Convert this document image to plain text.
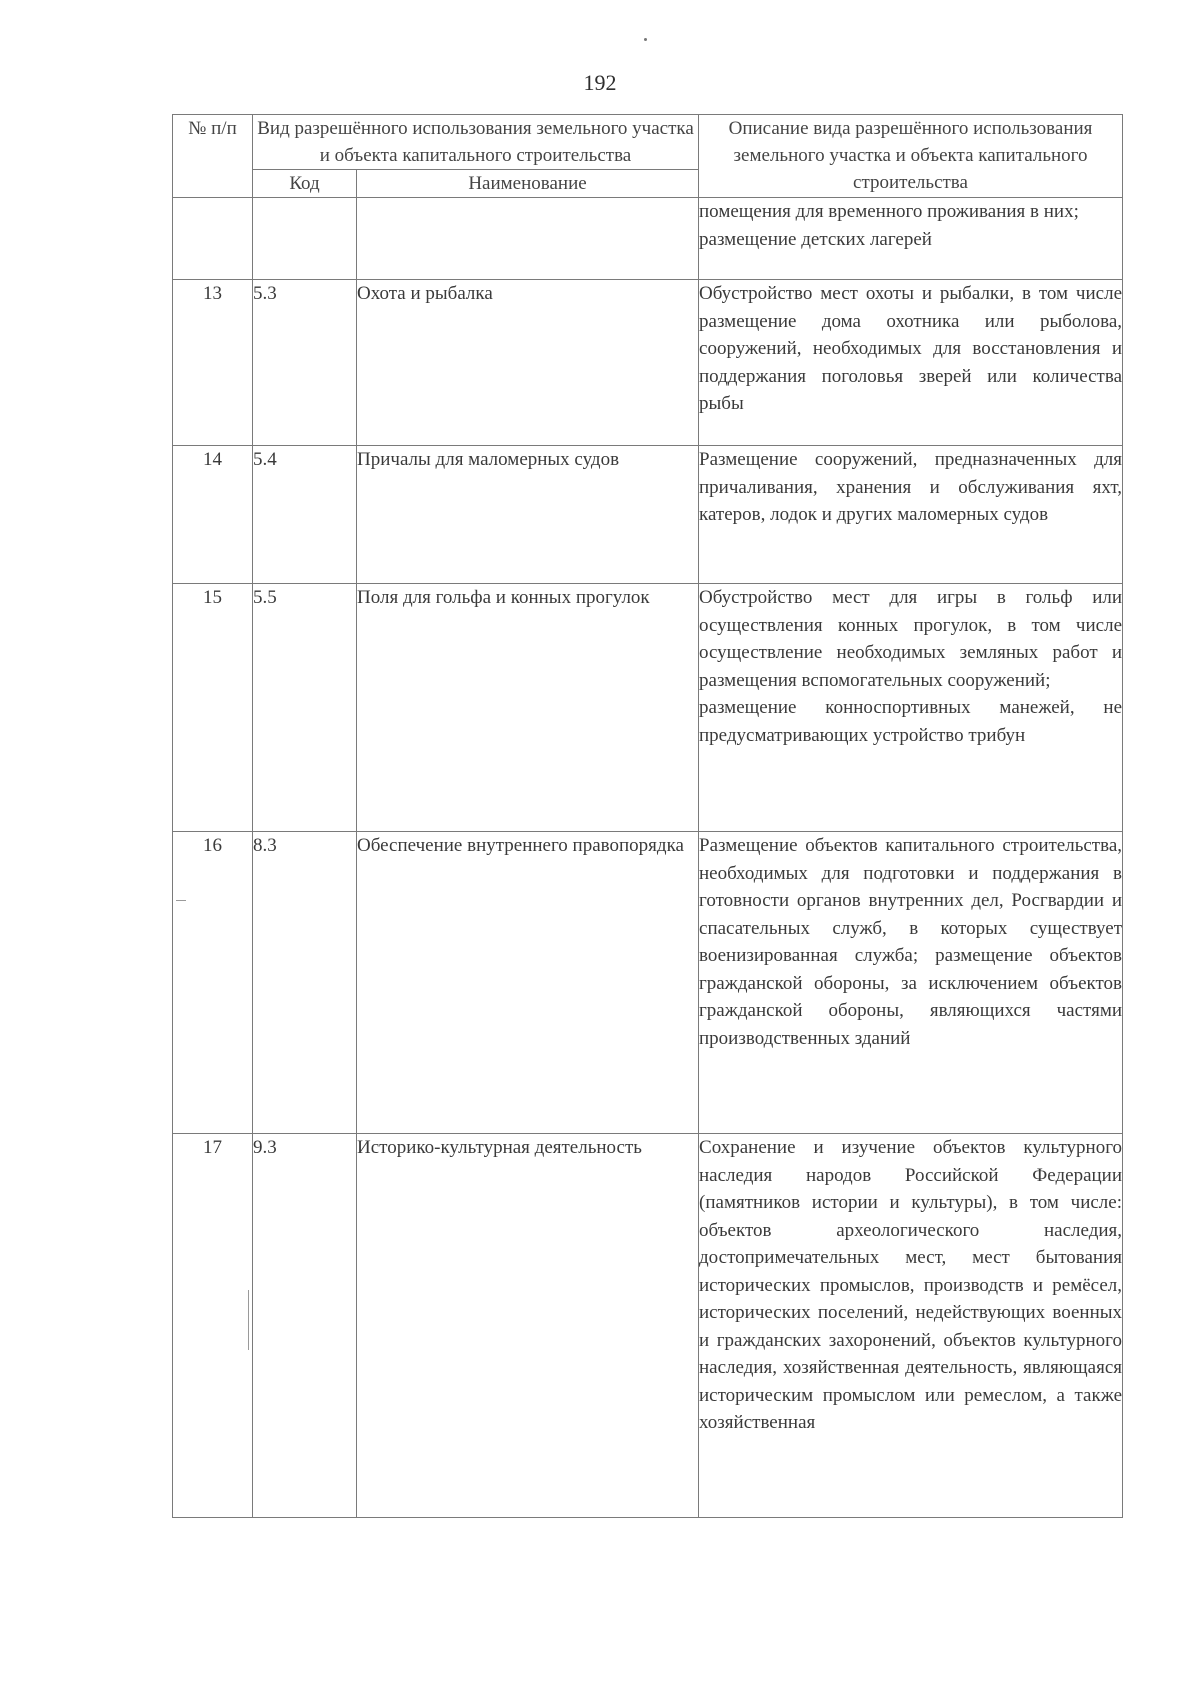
192
№ п/п	Вид разрешённого использования земельного участка и объекта капитального строительства		Описание вида разрешённого использования земельного участка и объекта капитального строительства
	Код	Наименование	

			помещения для временного проживания в них;
размещение детских лагерей

13	5.3	Охота и рыбалка	Обустройство мест охоты и рыбалки, в том числе размещение дома охотника или рыболова, сооружений, необходимых для восстановления и поддержания поголовья зверей или количества рыбы

14	5.4	Причалы для маломерных судов	Размещение сооружений, предназначенных для причаливания, хранения и обслуживания яхт, катеров, лодок и других маломерных судов

15	5.5	Поля для гольфа и конных прогулок	Обустройство мест для игры в гольф или осуществления конных прогулок, в том числе осуществление необходимых земляных работ и размещения вспомогательных сооружений;
размещение конноспортивных манежей, не предусматривающих устройство трибун

16	8.3	Обеспечение внутреннего правопорядка	Размещение объектов капитального строительства, необходимых для подготовки и поддержания в готовности органов внутренних дел, Росгвардии и спасательных служб, в которых существует военизированная служба; размещение объектов гражданской обороны, за исключением объектов гражданской обороны, являющихся частями производственных зданий

17	9.3	Историко-культурная деятельность	Сохранение и изучение объектов культурного наследия народов Российской Федерации (памятников истории и культуры), в том числе: объектов археологического наследия, достопримечательных мест, мест бытования исторических промыслов, производств и ремёсел, исторических поселений, недействующих военных и гражданских захоронений, объектов культурного наследия, хозяйственная деятельность, являющаяся историческим промыслом или ремеслом, а также хозяйственная
